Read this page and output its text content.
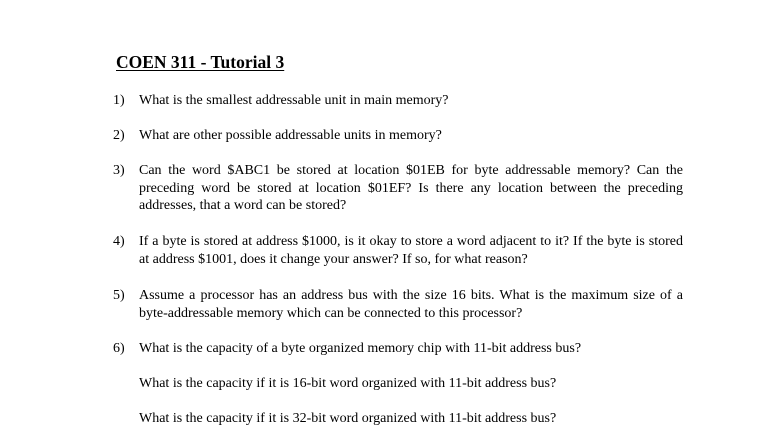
COEN 311 - Tutorial 3
1) What is the smallest addressable unit in main memory?
2) What are other possible addressable units in memory?
3) Can the word $ABC1 be stored at location $01EB for byte addressable memory? Can the preceding word be stored at location $01EF? Is there any location between the preceding addresses, that a word can be stored?
4) If a byte is stored at address $1000, is it okay to store a word adjacent to it? If the byte is stored at address $1001, does it change your answer? If so, for what reason?
5) Assume a processor has an address bus with the size 16 bits. What is the maximum size of a byte-addressable memory which can be connected to this processor?
6) What is the capacity of a byte organized memory chip with 11-bit address bus?
What is the capacity if it is 16-bit word organized with 11-bit address bus?
What is the capacity if it is 32-bit word organized with 11-bit address bus?
